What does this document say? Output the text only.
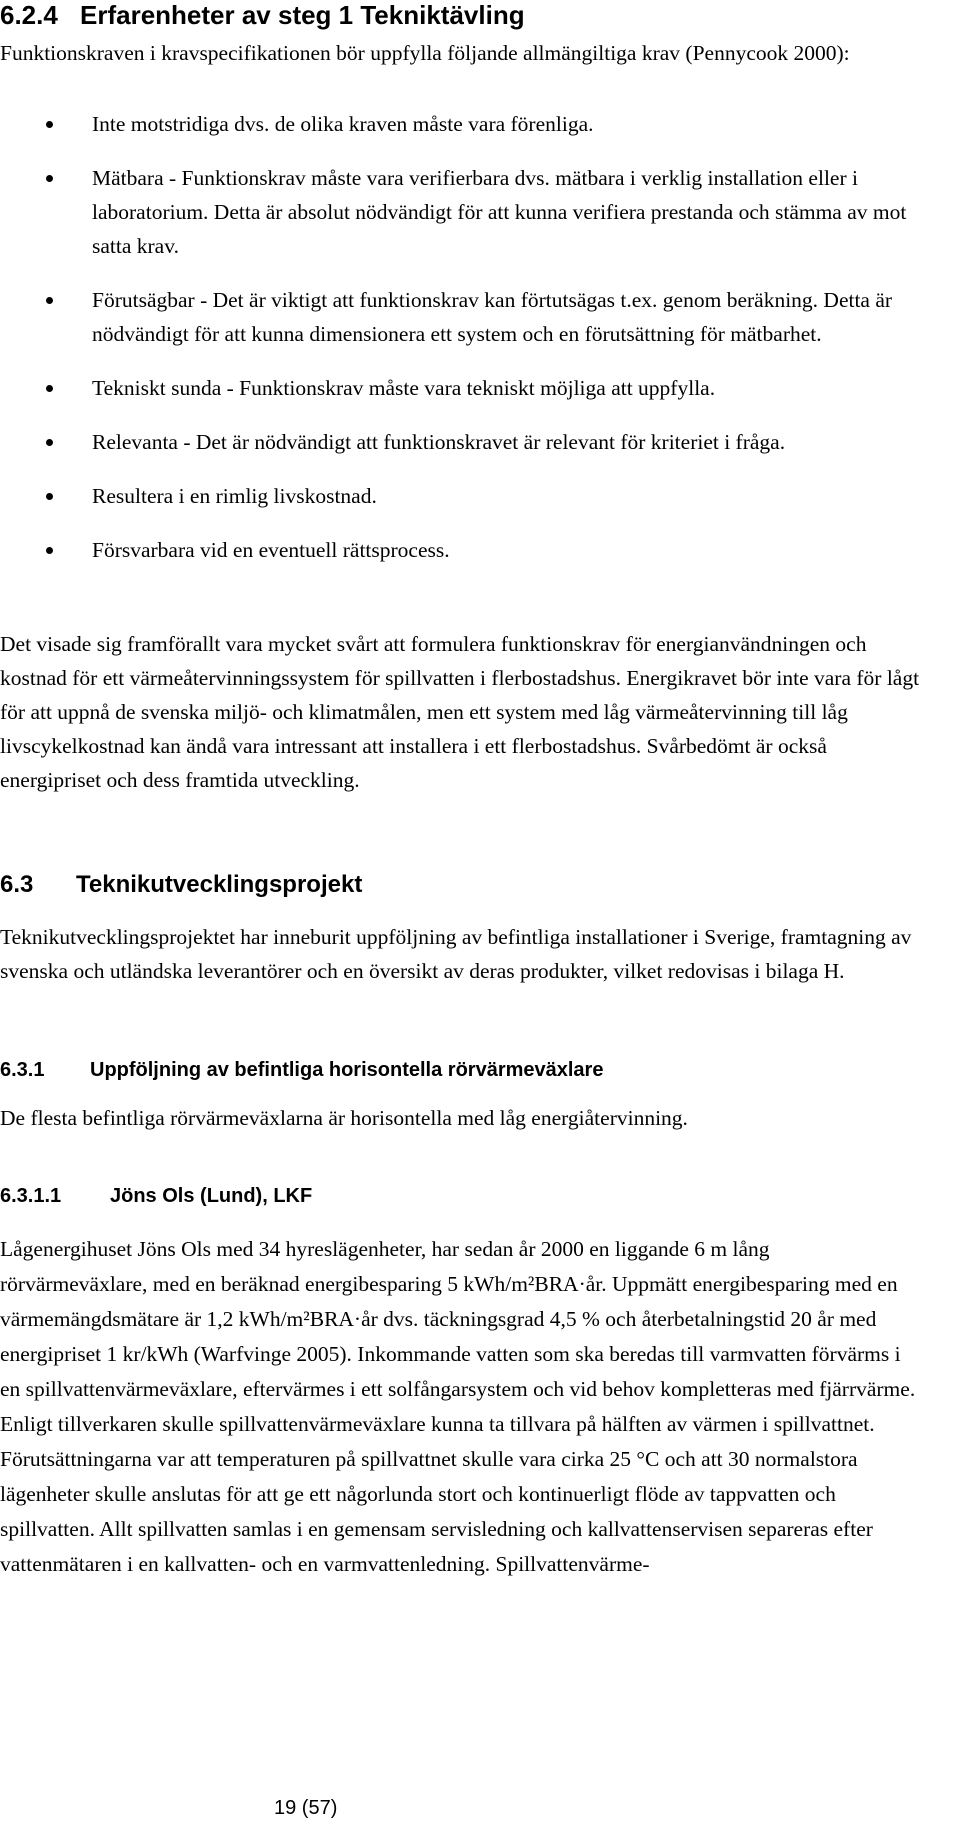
6.2.4 Erfarenheter av steg 1 Tekniktävling

Funktionskraven i kravspecifikationen bör uppfylla följande allmängiltiga krav (Pennycook 2000):

Inte motstridiga dvs. de olika kraven måste vara förenliga.
Mätbara - Funktionskrav måste vara verifierbara dvs. mätbara i verklig installation eller i laboratorium. Detta är absolut nödvändigt för att kunna verifiera prestanda och stämma av mot satta krav.
Förutsägbar - Det är viktigt att funktionskrav kan förtutsägas t.ex. genom beräkning. Detta är nödvändigt för att kunna dimensionera ett system och en förutsättning för mätbarhet.
Tekniskt sunda - Funktionskrav måste vara tekniskt möjliga att uppfylla.
Relevanta - Det är nödvändigt att funktionskravet är relevant för kriteriet i fråga.
Resultera i en rimlig livskostnad.
Försvarbara vid en eventuell rättsprocess.

Det visade sig framförallt vara mycket svårt att formulera funktionskrav för energianvändningen och kostnad för ett värmeåtervinningssystem för spillvatten i flerbostadshus. Energikravet bör inte vara för lågt för att uppnå de svenska miljö- och klimatmålen, men ett system med låg värmeåtervinning till låg livscykelkostnad kan ändå vara intressant att installera i ett flerbostadshus. Svårbedömt är också energipriset och dess framtida utveckling.

6.3 Teknikutvecklingsprojekt

Teknikutvecklingsprojektet har inneburit uppföljning av befintliga installationer i Sverige, framtagning av svenska och utländska leverantörer och en översikt av deras produkter, vilket redovisas i bilaga H.

6.3.1 Uppföljning av befintliga horisontella rörvärmeväxlare

De flesta befintliga rörvärmeväxlarna är horisontella med låg energiåtervinning.

6.3.1.1 Jöns Ols (Lund), LKF

Lågenergihuset Jöns Ols med 34 hyreslägenheter, har sedan år 2000 en liggande 6 m lång rörvärmeväxlare, med en beräknad energibesparing 5 kWh/m²BRA·år. Uppmätt energibesparing med en värmemängdsmätare är 1,2 kWh/m²BRA·år dvs. täckningsgrad 4,5 % och återbetalningstid 20 år med energipriset 1 kr/kWh (Warfvinge 2005). Inkommande vatten som ska beredas till varmvatten förvärms i en spillvattenvärmeväxlare, eftervärmes i ett solfångarsystem och vid behov kompletteras med fjärrvärme. Enligt tillverkaren skulle spillvattenvärmeväxlare kunna ta tillvara på hälften av värmen i spillvattnet. Förutsättningarna var att temperaturen på spillvattnet skulle vara cirka 25 °C och att 30 normalstora lägenheter skulle anslutas för att ge ett någorlunda stort och kontinuerligt flöde av tappvatten och spillvatten. Allt spillvatten samlas i en gemensam servisledning och kallvattenservisen separeras efter vattenmätaren i en kallvatten- och en varmvattenledning. Spillvattenvärme-

19 (57)
